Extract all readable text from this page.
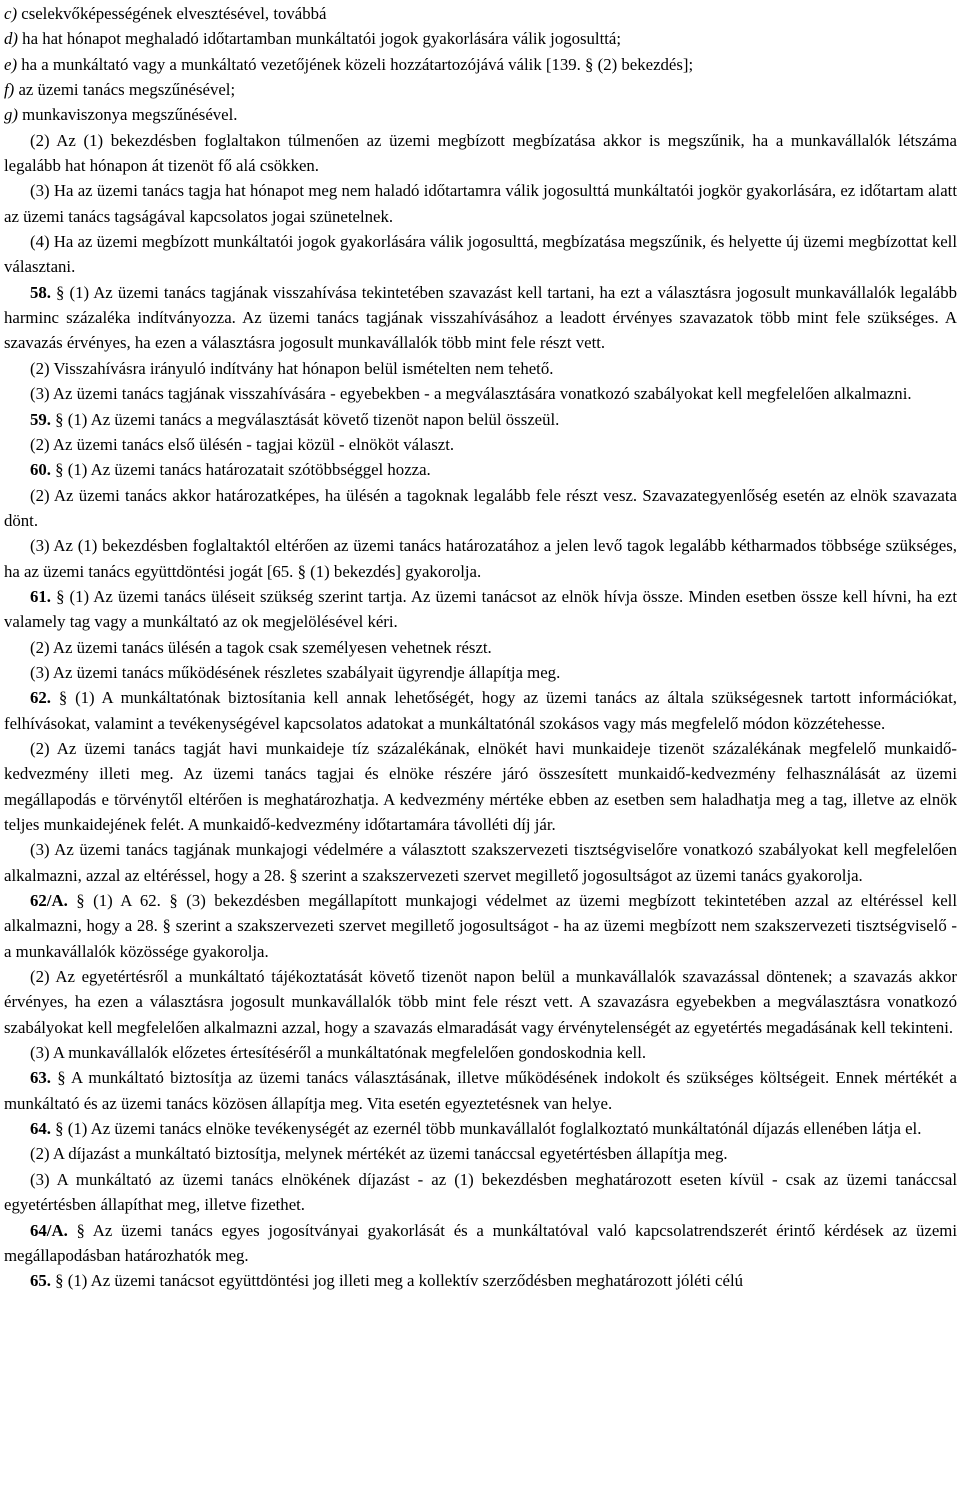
c) cselekvőképességének elvesztésével, továbbá

d) ha hat hónapot meghaladó időtartamban munkáltatói jogok gyakorlására válik jogosulttá;

e) ha a munkáltató vagy a munkáltató vezetőjének közeli hozzátartozójává válik [139. § (2) bekezdés];

f) az üzemi tanács megszűnésével;

g) munkaviszonya megszűnésével.

(2) Az (1) bekezdésben foglaltakon túlmenően az üzemi megbízott megbízatása akkor is megszűnik, ha a munkavállalók létszáma legalább hat hónapon át tizenöt fő alá csökken.

(3) Ha az üzemi tanács tagja hat hónapot meg nem haladó időtartamra válik jogosulttá munkáltatói jogkör gyakorlására, ez időtartam alatt az üzemi tanács tagságával kapcsolatos jogai szünetelnek.

(4) Ha az üzemi megbízott munkáltatói jogok gyakorlására válik jogosulttá, megbízatása megszűnik, és helyette új üzemi megbízottat kell választani.

58. § (1) Az üzemi tanács tagjának visszahívása tekintetében szavazást kell tartani, ha ezt a választásra jogosult munkavállalók legalább harminc százaléka indítványozza. Az üzemi tanács tagjának visszahívásához a leadott érvényes szavazatok több mint fele szükséges. A szavazás érvényes, ha ezen a választásra jogosult munkavállalók több mint fele részt vett.

(2) Visszahívásra irányuló indítvány hat hónapon belül ismételten nem tehető.

(3) Az üzemi tanács tagjának visszahívására - egyebekben - a megválasztására vonatkozó szabályokat kell megfelelően alkalmazni.

59. § (1) Az üzemi tanács a megválasztását követő tizenöt napon belül összeül.

(2) Az üzemi tanács első ülésén - tagjai közül - elnököt választ.

60. § (1) Az üzemi tanács határozatait szótöbbséggel hozza.

(2) Az üzemi tanács akkor határozatképes, ha ülésén a tagoknak legalább fele részt vesz. Szavazategyenlőség esetén az elnök szavazata dönt.

(3) Az (1) bekezdésben foglaltaktól eltérően az üzemi tanács határozatához a jelen levő tagok legalább kétharmados többsége szükséges, ha az üzemi tanács együttdöntési jogát [65. § (1) bekezdés] gyakorolja.

61. § (1) Az üzemi tanács üléseit szükség szerint tartja. Az üzemi tanácsot az elnök hívja össze. Minden esetben össze kell hívni, ha ezt valamely tag vagy a munkáltató az ok megjelölésével kéri.

(2) Az üzemi tanács ülésén a tagok csak személyesen vehetnek részt.

(3) Az üzemi tanács működésének részletes szabályait ügyrendje állapítja meg.

62. § (1) A munkáltatónak biztosítania kell annak lehetőségét, hogy az üzemi tanács az általa szükségesnek tartott információkat, felhívásokat, valamint a tevékenységével kapcsolatos adatokat a munkáltatónál szokásos vagy más megfelelő módon közzétehesse.

(2) Az üzemi tanács tagját havi munkaideje tíz százalékának, elnökét havi munkaideje tizenöt százalékának megfelelő munkaidő-kedvezmény illeti meg. Az üzemi tanács tagjai és elnöke részére járó összesített munkaidő-kedvezmény felhasználását az üzemi megállapodás e törvénytől eltérően is meghatározhatja. A kedvezmény mértéke ebben az esetben sem haladhatja meg a tag, illetve az elnök teljes munkaidejének felét. A munkaidő-kedvezmény időtartamára távolléti díj jár.

(3) Az üzemi tanács tagjának munkajogi védelmére a választott szakszervezeti tisztségviselőre vonatkozó szabályokat kell megfelelően alkalmazni, azzal az eltéréssel, hogy a 28. § szerint a szakszervezeti szervet megillető jogosultságot az üzemi tanács gyakorolja.

62/A. § (1) A 62. § (3) bekezdésben megállapított munkajogi védelmet az üzemi megbízott tekintetében azzal az eltéréssel kell alkalmazni, hogy a 28. § szerint a szakszervezeti szervet megillető jogosultságot - ha az üzemi megbízott nem szakszervezeti tisztségviselő - a munkavállalók közössége gyakorolja.

(2) Az egyetértésről a munkáltató tájékoztatását követő tizenöt napon belül a munkavállalók szavazással döntenek; a szavazás akkor érvényes, ha ezen a választásra jogosult munkavállalók több mint fele részt vett. A szavazásra egyebekben a megválasztásra vonatkozó szabályokat kell megfelelően alkalmazni azzal, hogy a szavazás elmaradását vagy érvénytelenségét az egyetértés megadásának kell tekinteni.

(3) A munkavállalók előzetes értesítéséről a munkáltatónak megfelelően gondoskodnia kell.

63. § A munkáltató biztosítja az üzemi tanács választásának, illetve működésének indokolt és szükséges költségeit. Ennek mértékét a munkáltató és az üzemi tanács közösen állapítja meg. Vita esetén egyeztetésnek van helye.

64. § (1) Az üzemi tanács elnöke tevékenységét az ezernél több munkavállalót foglalkoztató munkáltatónál díjazás ellenében látja el.

(2) A díjazást a munkáltató biztosítja, melynek mértékét az üzemi tanáccsal egyetértésben állapítja meg.

(3) A munkáltató az üzemi tanács elnökének díjazást - az (1) bekezdésben meghatározott eseten kívül - csak az üzemi tanáccsal egyetértésben állapíthat meg, illetve fizethet.

64/A. § Az üzemi tanács egyes jogosítványai gyakorlását és a munkáltatóval való kapcsolatrendszerét érintő kérdések az üzemi megállapodásban határozhatók meg.

65. § (1) Az üzemi tanácsot együttdöntési jog illeti meg a kollektív szerződésben meghatározott jóléti célú
